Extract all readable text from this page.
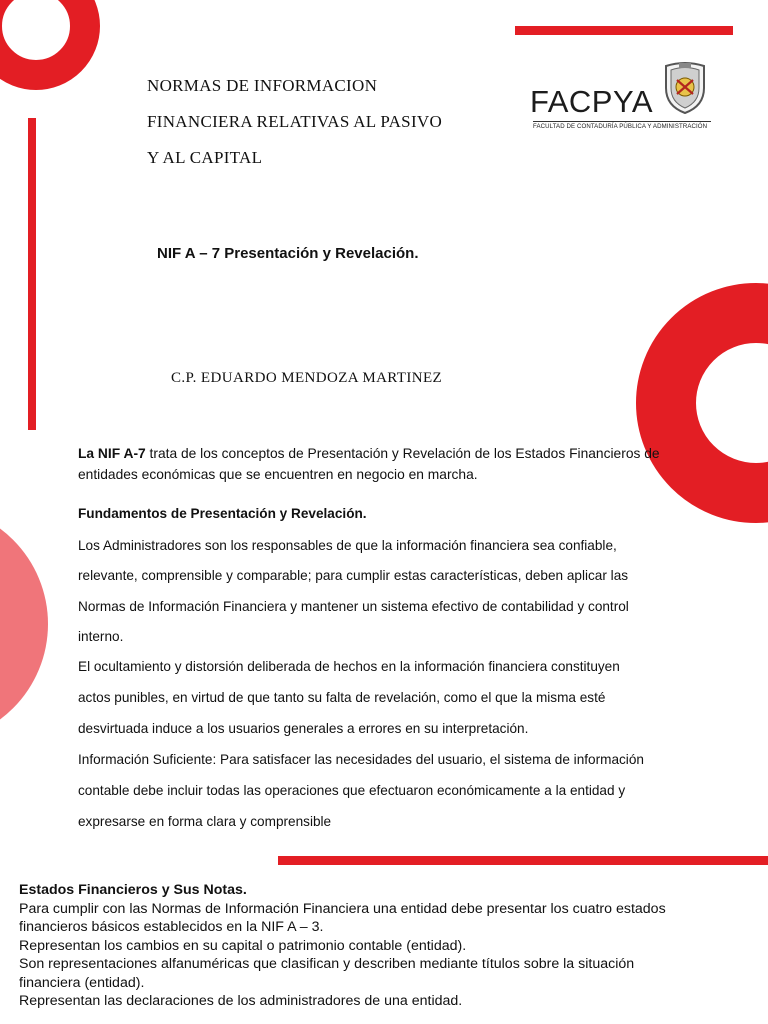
NORMAS DE INFORMACION
FINANCIERA RELATIVAS AL PASIVO
Y AL CAPITAL
FACPYA
FACULTAD DE CONTADURÍA PÚBLICA Y ADMINISTRACIÓN
NIF A – 7 Presentación y Revelación.
C.P. EDUARDO MENDOZA MARTINEZ
La NIF A-7 trata de los conceptos de Presentación y Revelación de los Estados Financieros de
entidades económicas que se encuentren en negocio en marcha.
Fundamentos de Presentación y Revelación.
Los Administradores son los responsables de que la información financiera sea confiable,
relevante, comprensible y comparable; para cumplir estas características, deben aplicar las
Normas de Información Financiera y mantener un sistema efectivo de contabilidad y control
interno.
El ocultamiento y distorsión deliberada de hechos en la información financiera constituyen
actos punibles, en virtud de que tanto su falta de revelación, como el que la misma esté
desvirtuada induce a los usuarios generales a errores en su interpretación.
Información Suficiente: Para satisfacer las necesidades del usuario, el sistema de información
contable debe incluir todas las operaciones que efectuaron económicamente a la entidad y
expresarse en forma clara y comprensible
Estados Financieros y Sus Notas.
Para cumplir con las Normas de Información Financiera una entidad debe presentar los cuatro estados
financieros básicos establecidos en la NIF A – 3.
Representan los cambios en su capital o patrimonio contable (entidad).
Son representaciones alfanuméricas que clasifican y describen mediante títulos sobre la situación
financiera (entidad).
Representan las declaraciones de los administradores de una entidad.
